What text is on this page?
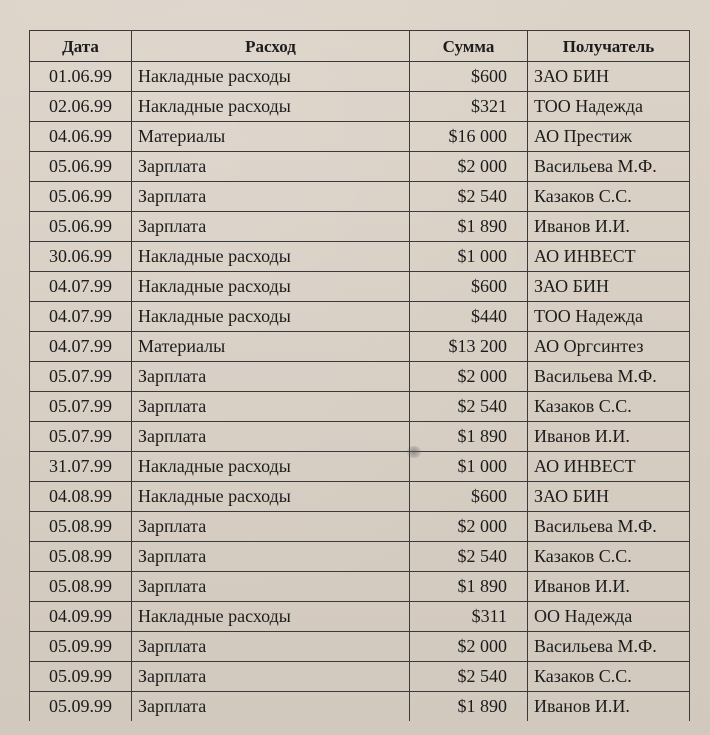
Дата	Расход	Сумма	Получатель
01.06.99	Накладные расходы	$600	ЗАО БИН
02.06.99	Накладные расходы	$321	ТОО Надежда
04.06.99	Материалы	$16 000	АО Престиж
05.06.99	Зарплата	$2 000	Васильева М.Ф.
05.06.99	Зарплата	$2 540	Казаков С.С.
05.06.99	Зарплата	$1 890	Иванов И.И.
30.06.99	Накладные расходы	$1 000	АО ИНВЕСТ
04.07.99	Накладные расходы	$600	ЗАО БИН
04.07.99	Накладные расходы	$440	ТОО Надежда
04.07.99	Материалы	$13 200	АО Оргсинтез
05.07.99	Зарплата	$2 000	Васильева М.Ф.
05.07.99	Зарплата	$2 540	Казаков С.С.
05.07.99	Зарплата	$1 890	Иванов И.И.
31.07.99	Накладные расходы	$1 000	АО ИНВЕСТ
04.08.99	Накладные расходы	$600	ЗАО БИН
05.08.99	Зарплата	$2 000	Васильева М.Ф.
05.08.99	Зарплата	$2 540	Казаков С.С.
05.08.99	Зарплата	$1 890	Иванов И.И.
04.09.99	Накладные расходы	$311	ОО Надежда
05.09.99	Зарплата	$2 000	Васильева М.Ф.
05.09.99	Зарплата	$2 540	Казаков С.С.
05.09.99	Зарплата	$1 890	Иванов И.И.
